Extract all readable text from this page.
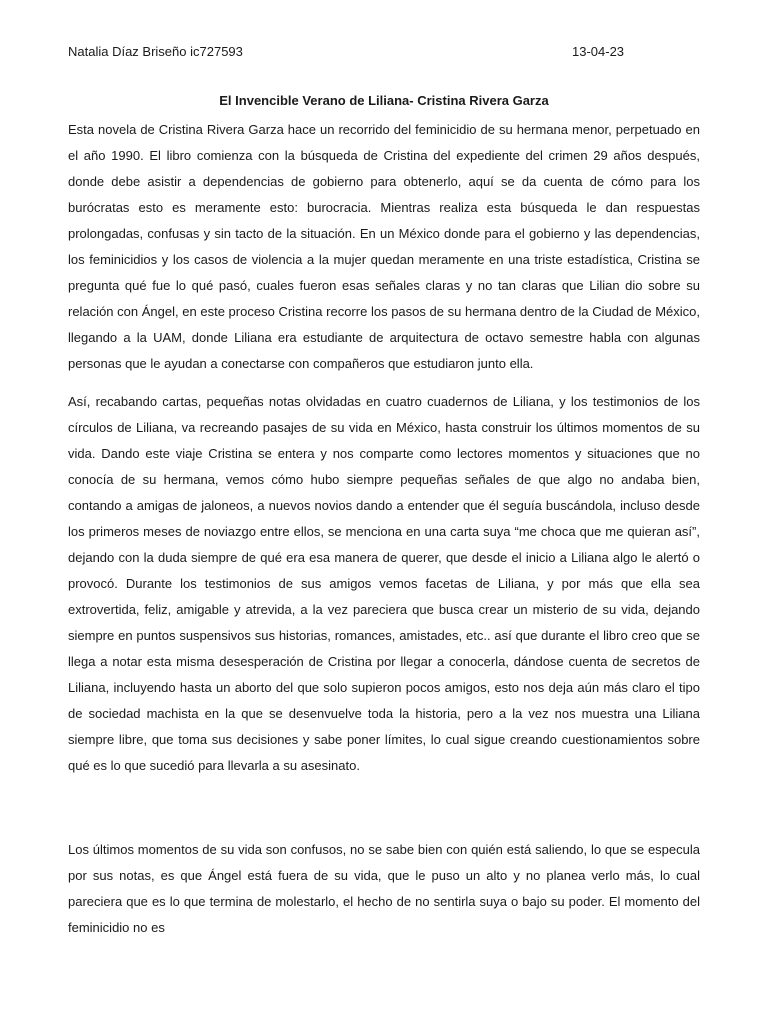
Natalia Díaz Briseño ic727593	13-04-23
El Invencible Verano de Liliana- Cristina Rivera Garza

Esta novela de Cristina Rivera Garza hace un recorrido del feminicidio de su hermana menor, perpetuado en el año 1990. El libro comienza con la búsqueda de Cristina del expediente del crimen 29 años después, donde debe asistir a dependencias de gobierno para obtenerlo, aquí se da cuenta de cómo para los burócratas esto es meramente esto: burocracia. Mientras realiza esta búsqueda le dan respuestas prolongadas, confusas y sin tacto de la situación. En un México donde para el gobierno y las dependencias, los feminicidios y los casos de violencia a la mujer quedan meramente en una triste estadística, Cristina se pregunta qué fue lo qué pasó, cuales fueron esas señales claras y no tan claras que Lilian dio sobre su relación con Ángel, en este proceso Cristina recorre los pasos de su hermana dentro de la Ciudad de México, llegando a la UAM, donde Liliana era estudiante de arquitectura de octavo semestre habla con algunas personas que le ayudan a conectarse con compañeros que estudiaron junto ella.

Así, recabando cartas, pequeñas notas olvidadas en cuatro cuadernos de Liliana, y los testimonios de los círculos de Liliana, va recreando pasajes de su vida en México, hasta construir los últimos momentos de su vida. Dando este viaje Cristina se entera y nos comparte como lectores momentos y situaciones que no conocía de su hermana, vemos cómo hubo siempre pequeñas señales de que algo no andaba bien, contando a amigas de jaloneos, a nuevos novios dando a entender que él seguía buscándola, incluso desde los primeros meses de noviazgo entre ellos, se menciona en una carta suya “me choca que me quieran así”, dejando con la duda siempre de qué era esa manera de querer, que desde el inicio a Liliana algo le alertó o provocó. Durante los testimonios de sus amigos vemos facetas de Liliana, y por más que ella sea extrovertida, feliz, amigable y atrevida, a la vez pareciera que busca crear un misterio de su vida, dejando siempre en puntos suspensivos sus historias, romances, amistades, etc.. así que durante el libro creo que se llega a notar esta misma desesperación de Cristina por llegar a conocerla, dándose cuenta de secretos de Liliana, incluyendo hasta un aborto del que solo supieron pocos amigos, esto nos deja aún más claro el tipo de sociedad machista en la que se desenvuelve toda la historia, pero a la vez nos muestra una Liliana siempre libre, que toma sus decisiones y sabe poner límites, lo cual sigue creando cuestionamientos sobre qué es lo que sucedió para llevarla a su asesinato.

Los últimos momentos de su vida son confusos, no se sabe bien con quién está saliendo, lo que se especula por sus notas, es que Ángel está fuera de su vida, que le puso un alto y no planea verlo más, lo cual pareciera que es lo que termina de molestarlo, el hecho de no sentirla suya o bajo su poder. El momento del feminicidio no es
